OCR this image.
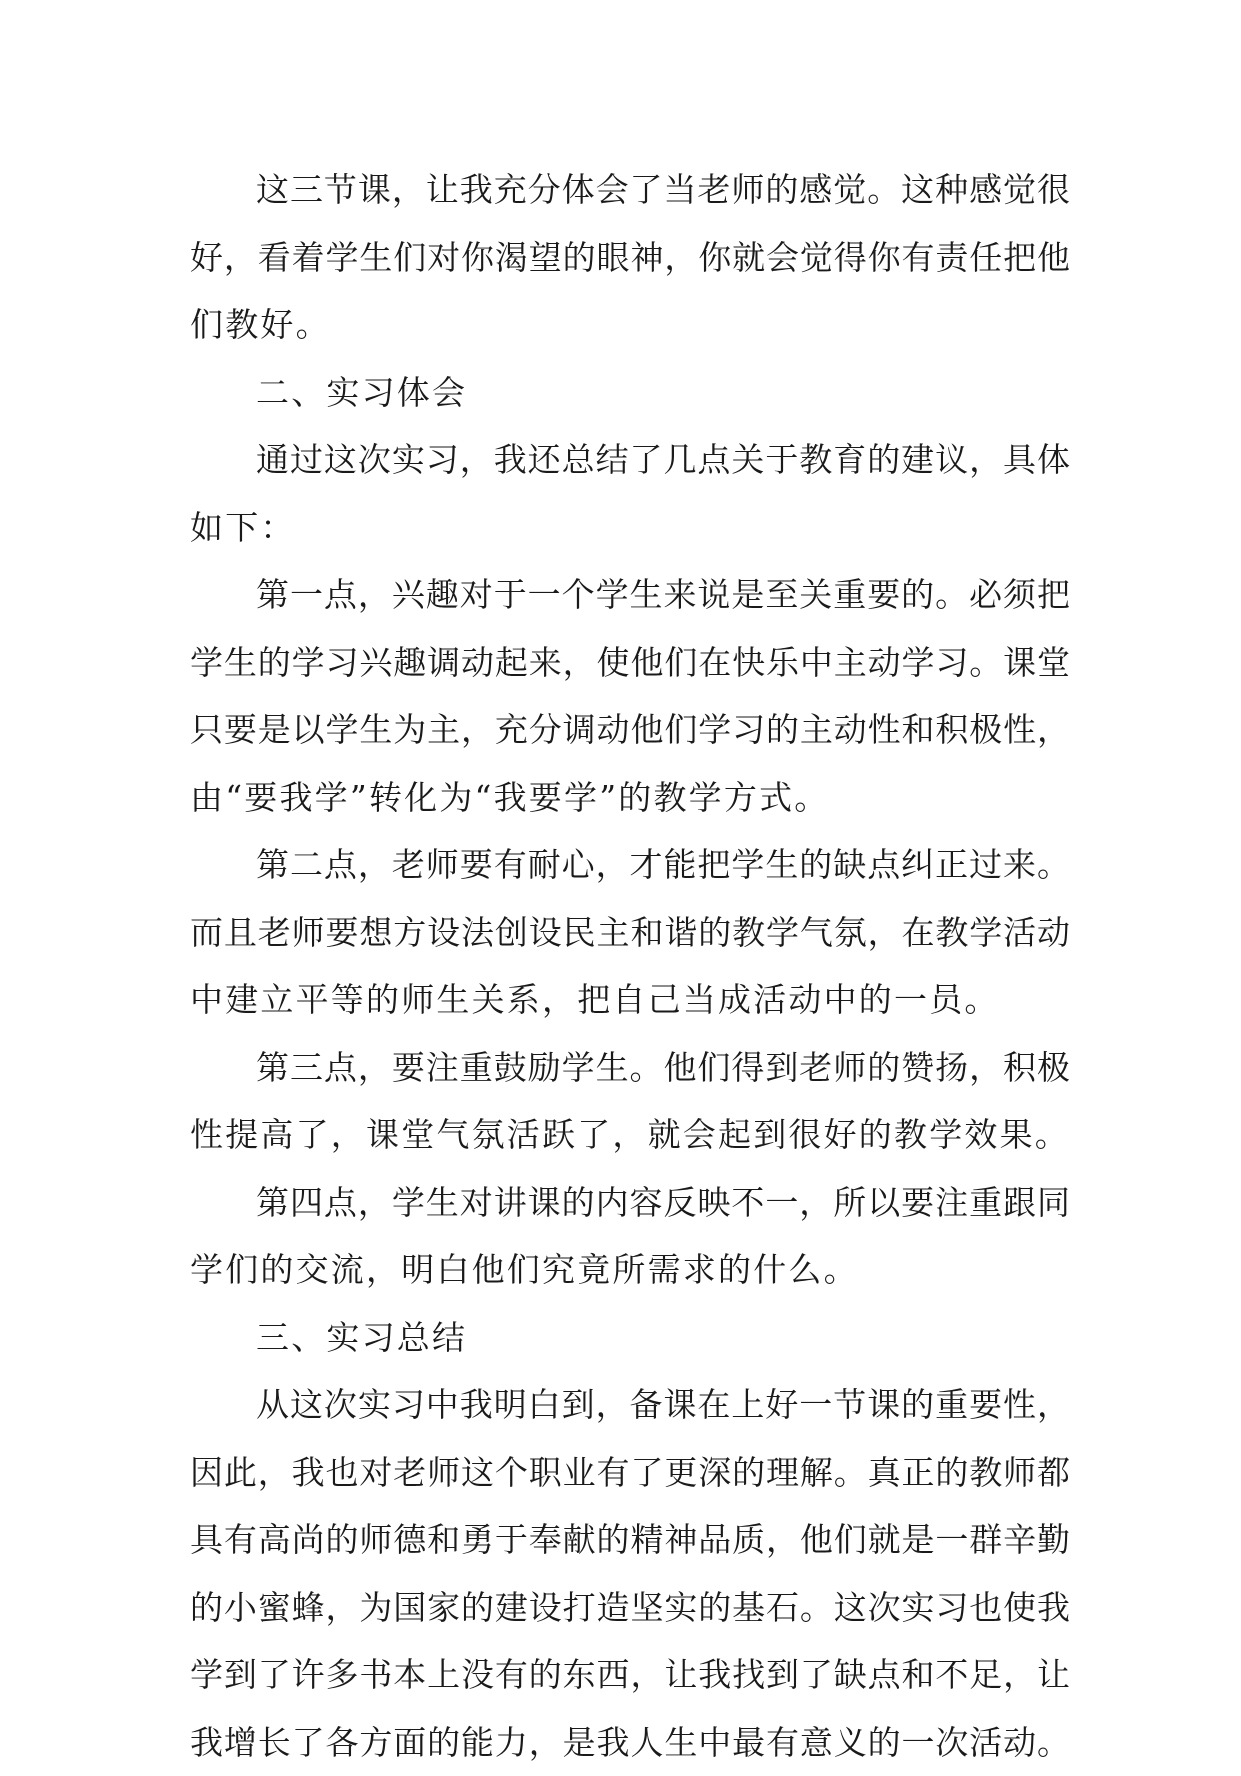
这三节课，让我充分体会了当老师的感觉。这种感觉很
好，看着学生们对你渴望的眼神，你就会觉得你有责任把他
们教好。
二、实习体会
通过这次实习，我还总结了几点关于教育的建议，具体
如下：
第一点，兴趣对于一个学生来说是至关重要的。必须把
学生的学习兴趣调动起来，使他们在快乐中主动学习。课堂
只要是以学生为主，充分调动他们学习的主动性和积极性，
由“要我学”转化为“我要学”的教学方式。
第二点，老师要有耐心，才能把学生的缺点纠正过来。
而且老师要想方设法创设民主和谐的教学气氛，在教学活动
中建立平等的师生关系，把自己当成活动中的一员。
第三点，要注重鼓励学生。他们得到老师的赞扬，积极
性提高了，课堂气氛活跃了，就会起到很好的教学效果。
第四点，学生对讲课的内容反映不一，所以要注重跟同
学们的交流，明白他们究竟所需求的什么。
三、实习总结
从这次实习中我明白到，备课在上好一节课的重要性，
因此，我也对老师这个职业有了更深的理解。真正的教师都
具有高尚的师德和勇于奉献的精神品质，他们就是一群辛勤
的小蜜蜂，为国家的建设打造坚实的基石。这次实习也使我
学到了许多书本上没有的东西，让我找到了缺点和不足，让
我增长了各方面的能力，是我人生中最有意义的一次活动。
